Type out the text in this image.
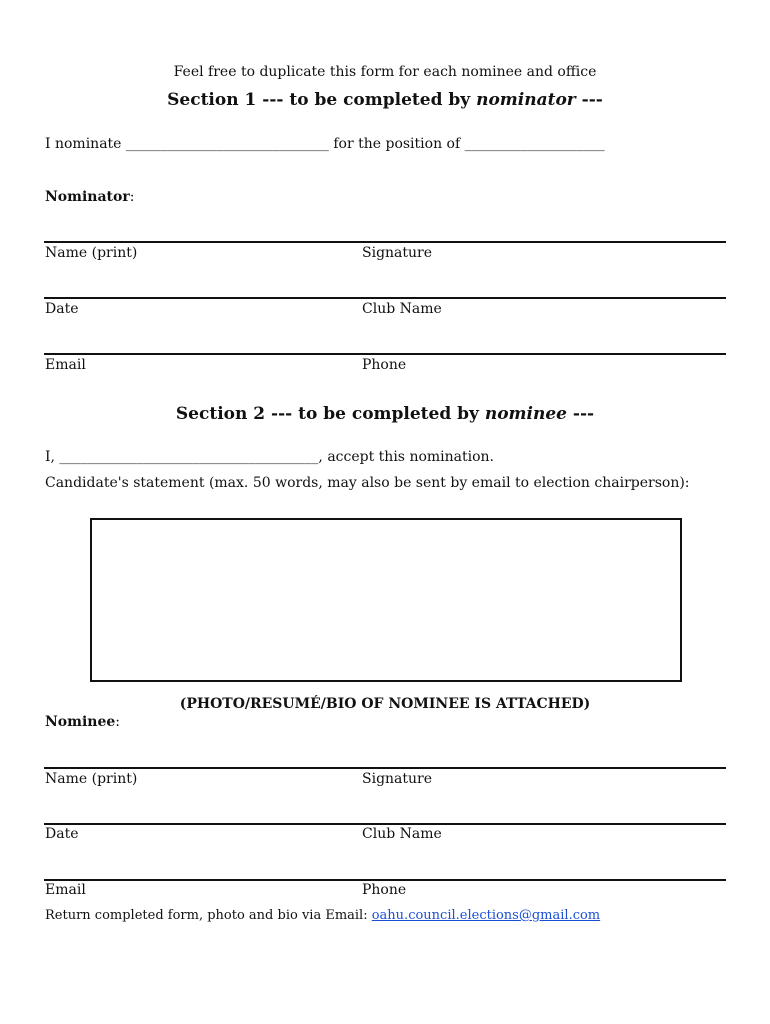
Feel free to duplicate this form for each nominee and office
Section 1 --- to be completed by nominator ---
I nominate _____________________________ for the position of ____________________
Nominator:
Name (print)	Signature
Date	Club Name
Email	Phone
Section 2 --- to be completed by nominee ---
I, _____________________________________, accept this nomination.
Candidate's statement (max. 50 words, may also be sent by email to election chairperson):
(PHOTO/RESUMÉ/BIO OF NOMINEE IS ATTACHED)
Nominee:
Name (print)	Signature
Date	Club Name
Email	Phone
Return completed form, photo and bio via Email: oahu.council.elections@gmail.com
